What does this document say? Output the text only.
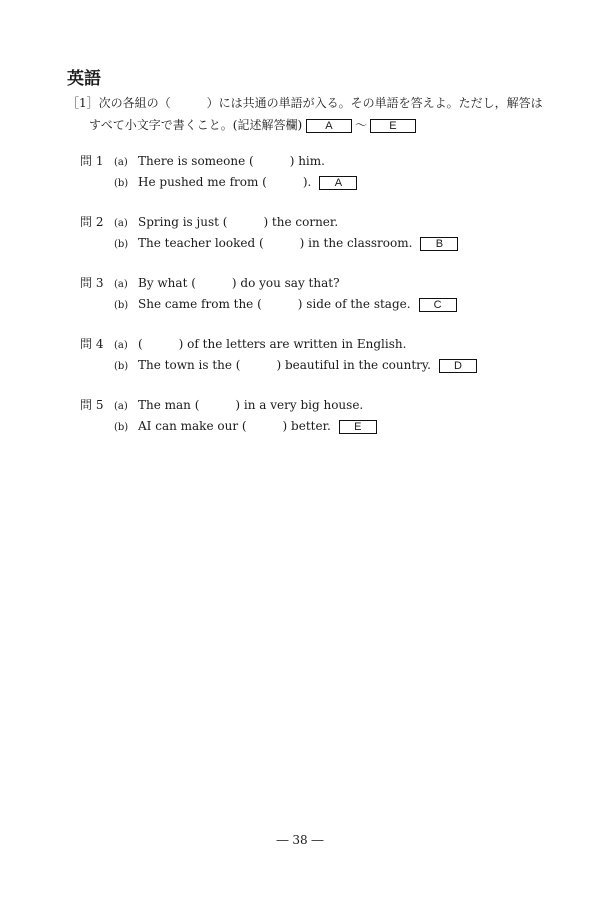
英語
［1］次の各組の（　　　）には共通の単語が入る。その単語を答えよ。ただし，解答は
すべて小文字で書くこと。(記述解答欄) A 〜 E
問 1	(a) There is someone (　　　) him.
(b) He pushed me from (　　　). A
問 2	(a) Spring is just (　　　) the corner.
(b) The teacher looked (　　　) in the classroom. B
問 3	(a) By what (　　　) do you say that?
(b) She came from the (　　　) side of the stage. C
問 4	(a) (　　　) of the letters are written in English.
(b) The town is the (　　　) beautiful in the country. D
問 5	(a) The man (　　　) in a very big house.
(b) AI can make our (　　　) better. E
― 38 ―
